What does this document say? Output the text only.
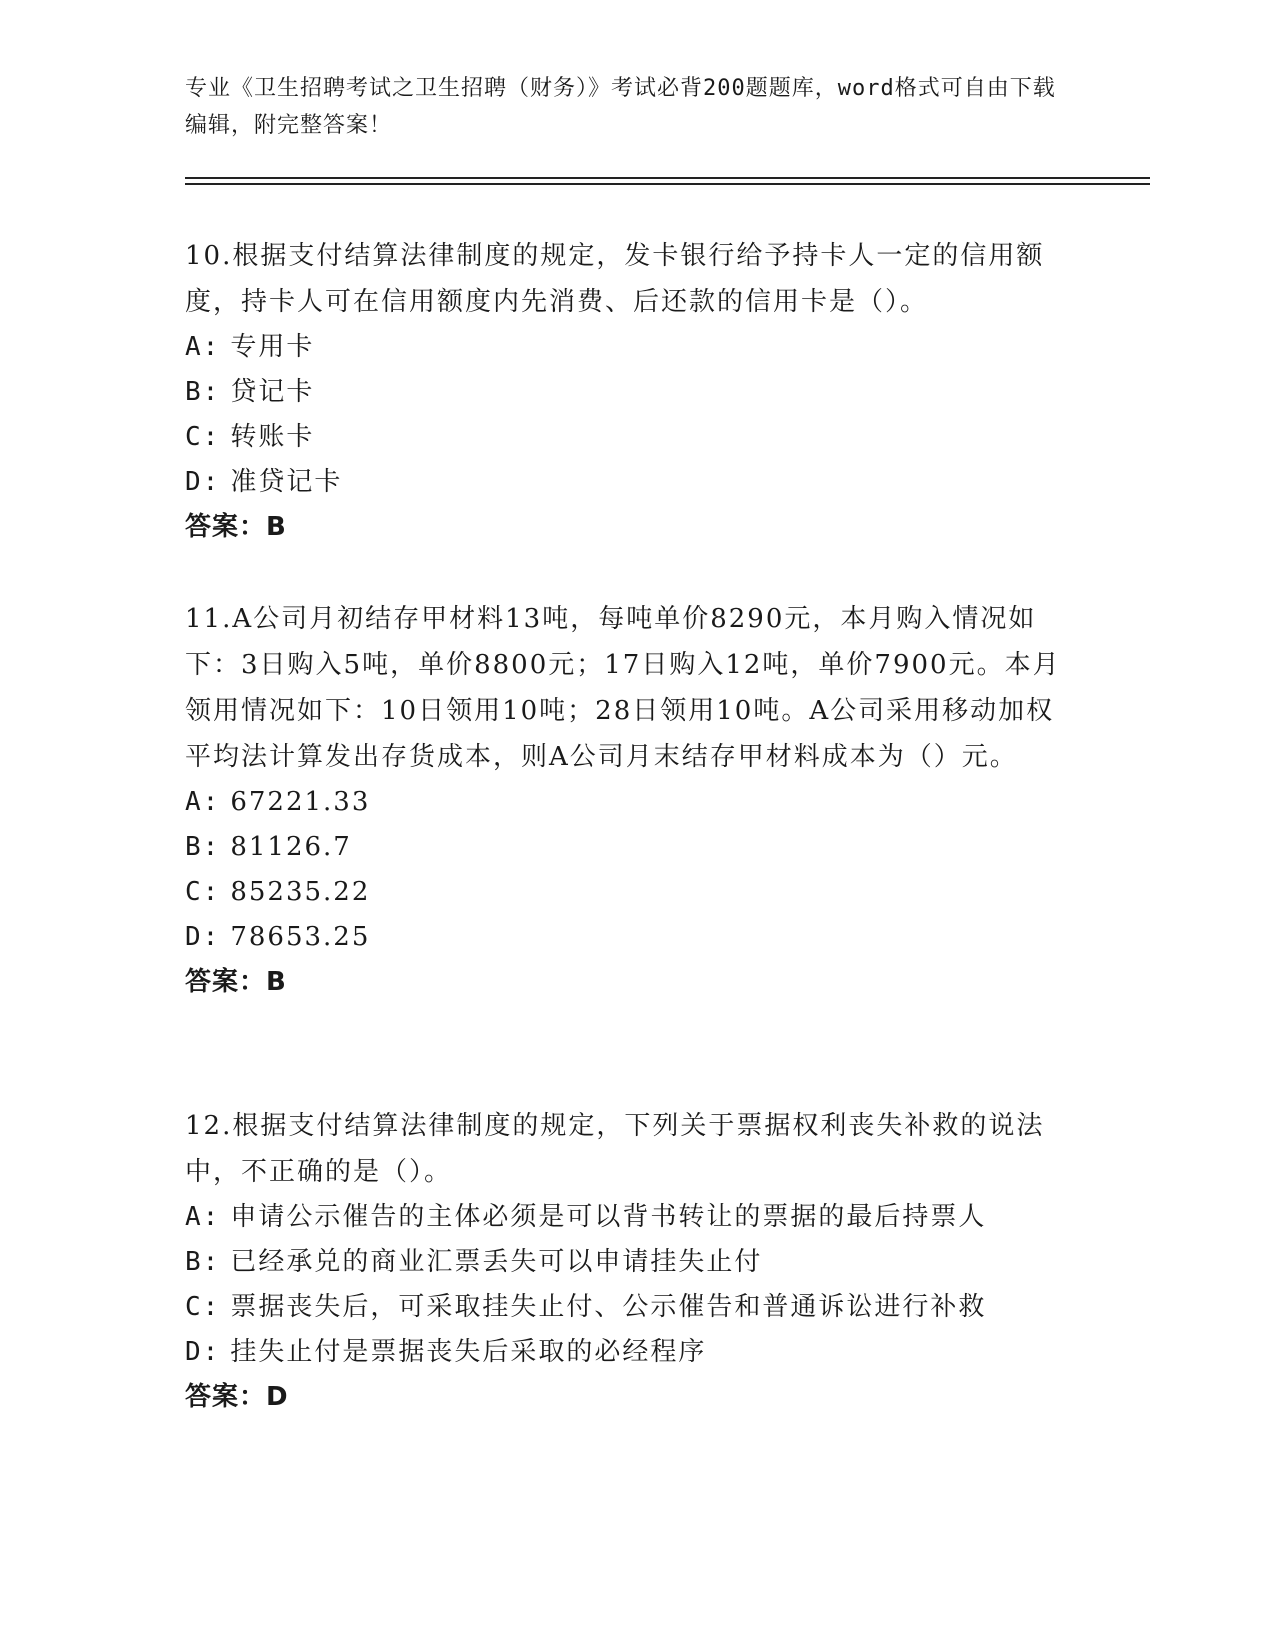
专业《卫生招聘考试之卫生招聘（财务）》考试必背200题题库，word格式可自由下载编辑，附完整答案！
10.根据支付结算法律制度的规定，发卡银行给予持卡人一定的信用额度，持卡人可在信用额度内先消费、后还款的信用卡是（）。
A: 专用卡
B: 贷记卡
C: 转账卡
D: 准贷记卡
答案：B
11.A公司月初结存甲材料13吨，每吨单价8290元，本月购入情况如下：3日购入5吨，单价8800元；17日购入12吨，单价7900元。本月领用情况如下：10日领用10吨；28日领用10吨。A公司采用移动加权平均法计算发出存货成本，则A公司月末结存甲材料成本为（）元。
A: 67221.33
B: 81126.7
C: 85235.22
D: 78653.25
答案：B
12.根据支付结算法律制度的规定，下列关于票据权利丧失补救的说法中，不正确的是（）。
A: 申请公示催告的主体必须是可以背书转让的票据的最后持票人
B: 已经承兑的商业汇票丢失可以申请挂失止付
C: 票据丧失后，可采取挂失止付、公示催告和普通诉讼进行补救
D: 挂失止付是票据丧失后采取的必经程序
答案：D
